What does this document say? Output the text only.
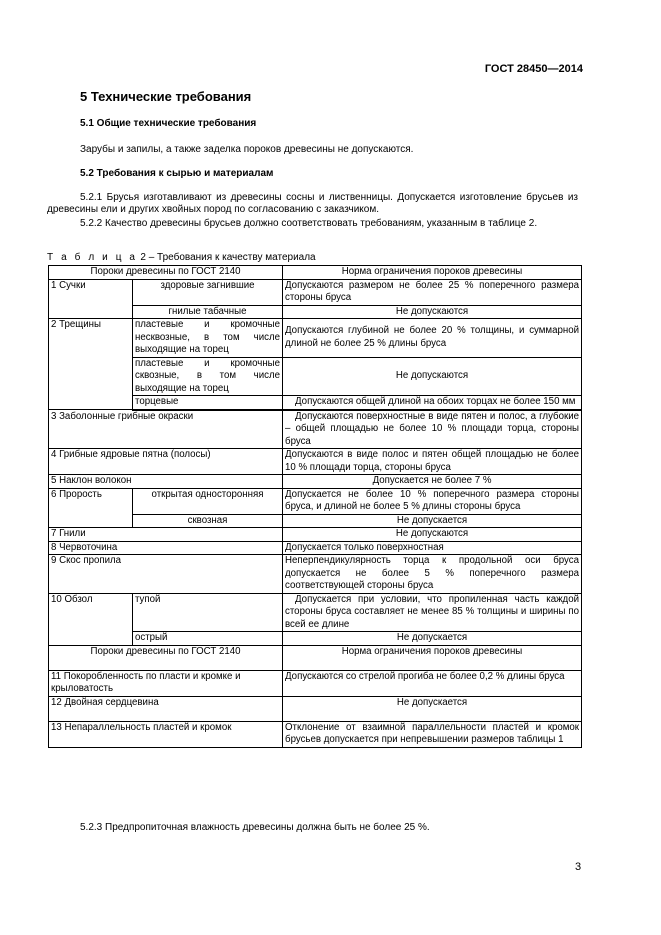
ГОСТ 28450—2014
5 Технические требования
5.1 Общие технические требования
Зарубы и запилы, а также заделка пороков древесины не допускаются.
5.2 Требования к сырью и материалам
5.2.1 Брусья изготавливают из древесины сосны и лиственницы. Допускается изготовление брусьев из древесины ели и других хвойных пород по согласованию с заказчиком.
5.2.2 Качество древесины брусьев должно соответствовать требованиям, указанным в таблице 2.
Т а б л и ц а 2 – Требования к качеству материала
Пороки древесины по ГОСТ 2140		Норма ограничения пороков древесины
1 Сучки	здоровые загнившие	Допускаются размером не более 25 % поперечного размера стороны бруса
	гнилые табачные	Не допускаются
2 Трещины	пластевые и кромочные несквозные, в том числе выходящие на торец	Допускаются глубиной не более 20 % толщины, и суммарной длиной не более 25 % длины бруса
	пластевые и кромочные сквозные, в том числе выходящие на торец	Не допускаются
	торцевые	Допускаются общей длиной на обоих торцах не более 150 мм
3 Заболонные грибные окраски		Допускаются поверхностные в виде пятен и полос, а глубокие – общей площадью не более 10 % площади торца, стороны бруса
4 Грибные ядровые пятна (полосы)		Допускаются в виде полос и пятен общей площадью не более 10 % площади торца, стороны бруса
5 Наклон волокон		Допускается не более 7 %
6 Прорость	открытая односторонняя	Допускается не более 10 % поперечного размера стороны бруса, и длиной не более 5 % длины стороны бруса
	сквозная	Не допускается
7 Гнили		Не допускаются
8 Червоточина		Допускается только поверхностная
9 Скос пропила		Неперпендикулярность торца к продольной оси бруса допускается не более 5 % поперечного размера соответствующей стороны бруса
10 Обзол	тупой	Допускается при условии, что пропиленная часть каждой стороны бруса составляет не менее 85 % толщины и ширины по всей ее длине
	острый	Не допускается
Пороки древесины по ГОСТ 2140		Норма ограничения пороков древесины
11 Покоробленность по пласти и кромке и крыловатость		Допускаются со стрелой прогиба не более 0,2 % длины бруса
12 Двойная сердцевина		Не допускается
13 Непараллельность пластей и кромок		Отклонение от взаимной параллельности пластей и кромок брусьев допускается при непревышении размеров таблицы 1
5.2.3 Предпропиточная влажность древесины должна быть не более 25 %.
3
